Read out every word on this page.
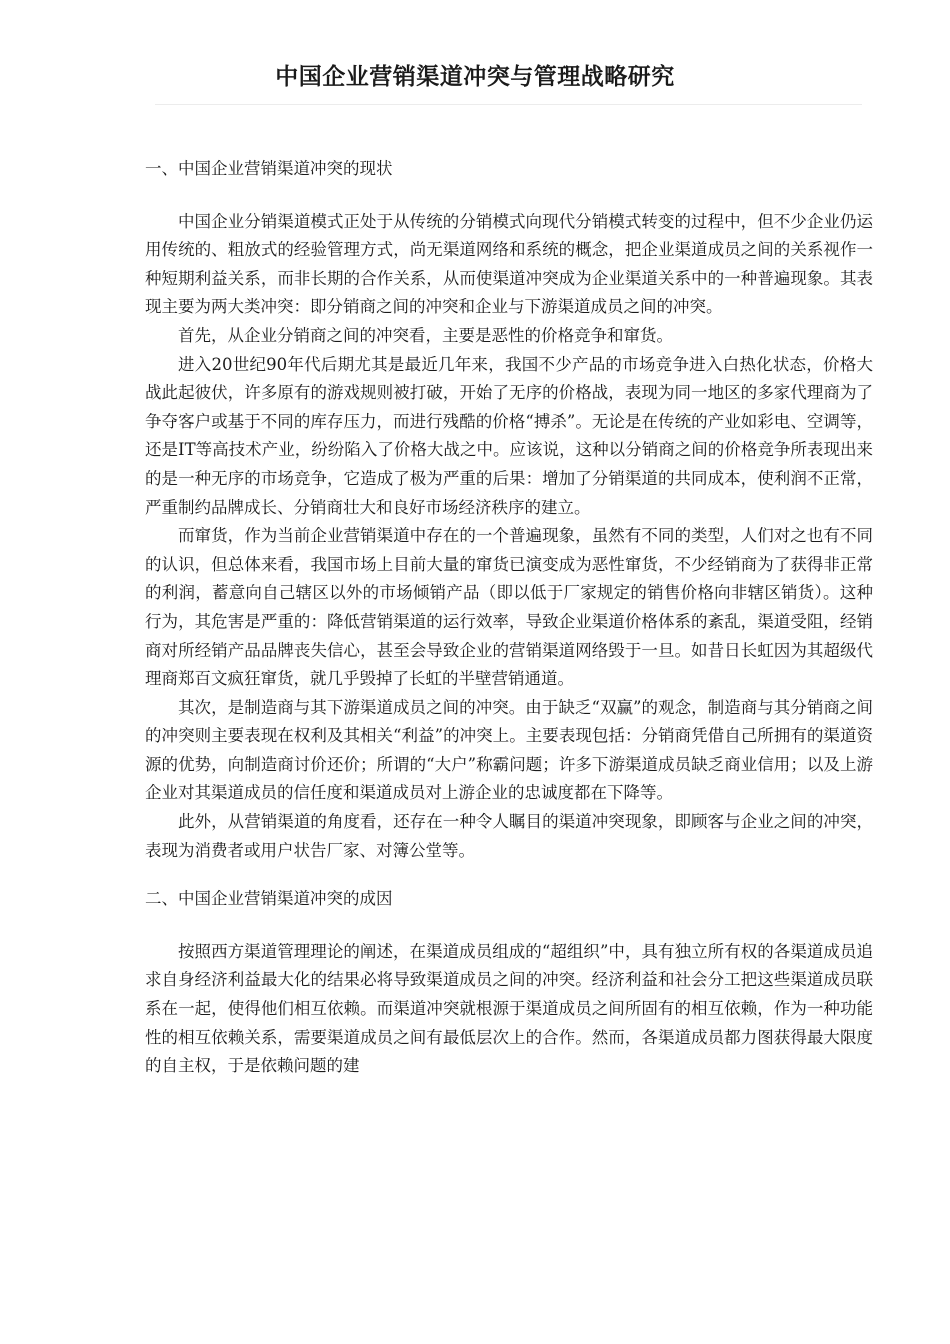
中国企业营销渠道冲突与管理战略研究
一、中国企业营销渠道冲突的现状

中国企业分销渠道模式正处于从传统的分销模式向现代分销模式转变的过程中，但不少企业仍运用传统的、粗放式的经验管理方式，尚无渠道网络和系统的概念，把企业渠道成员之间的关系视作一种短期利益关系，而非长期的合作关系，从而使渠道冲突成为企业渠道关系中的一种普遍现象。其表现主要为两大类冲突：即分销商之间的冲突和企业与下游渠道成员之间的冲突。

首先，从企业分销商之间的冲突看，主要是恶性的价格竞争和窜货。

进入20世纪90年代后期尤其是最近几年来，我国不少产品的市场竞争进入白热化状态，价格大战此起彼伏，许多原有的游戏规则被打破，开始了无序的价格战，表现为同一地区的多家代理商为了争夺客户或基于不同的库存压力，而进行残酷的价格“搏杀”。无论是在传统的产业如彩电、空调等，还是IT等高技术产业，纷纷陷入了价格大战之中。应该说，这种以分销商之间的价格竞争所表现出来的是一种无序的市场竞争，它造成了极为严重的后果：增加了分销渠道的共同成本，使利润不正常，严重制约品牌成长、分销商壮大和良好市场经济秩序的建立。

而窜货，作为当前企业营销渠道中存在的一个普遍现象，虽然有不同的类型，人们对之也有不同的认识，但总体来看，我国市场上目前大量的窜货已演变成为恶性窜货，不少经销商为了获得非正常的利润，蓄意向自己辖区以外的市场倾销产品（即以低于厂家规定的销售价格向非辖区销货）。这种行为，其危害是严重的：降低营销渠道的运行效率，导致企业渠道价格体系的紊乱，渠道受阻，经销商对所经销产品品牌丧失信心，甚至会导致企业的营销渠道网络毁于一旦。如昔日长虹因为其超级代理商郑百文疯狂窜货，就几乎毁掉了长虹的半壁营销通道。

其次，是制造商与其下游渠道成员之间的冲突。由于缺乏“双赢”的观念，制造商与其分销商之间的冲突则主要表现在权利及其相关“利益”的冲突上。主要表现包括：分销商凭借自己所拥有的渠道资源的优势，向制造商讨价还价；所谓的“大户”称霸问题；许多下游渠道成员缺乏商业信用；以及上游企业对其渠道成员的信任度和渠道成员对上游企业的忠诚度都在下降等。

此外，从营销渠道的角度看，还存在一种令人瞩目的渠道冲突现象，即顾客与企业之间的冲突，表现为消费者或用户状告厂家、对簿公堂等。

二、中国企业营销渠道冲突的成因

按照西方渠道管理理论的阐述，在渠道成员组成的“超组织”中，具有独立所有权的各渠道成员追求自身经济利益最大化的结果必将导致渠道成员之间的冲突。经济利益和社会分工把这些渠道成员联系在一起，使得他们相互依赖。而渠道冲突就根源于渠道成员之间所固有的相互依赖，作为一种功能性的相互依赖关系，需要渠道成员之间有最低层次上的合作。然而，各渠道成员都力图获得最大限度的自主权，于是依赖问题的建
